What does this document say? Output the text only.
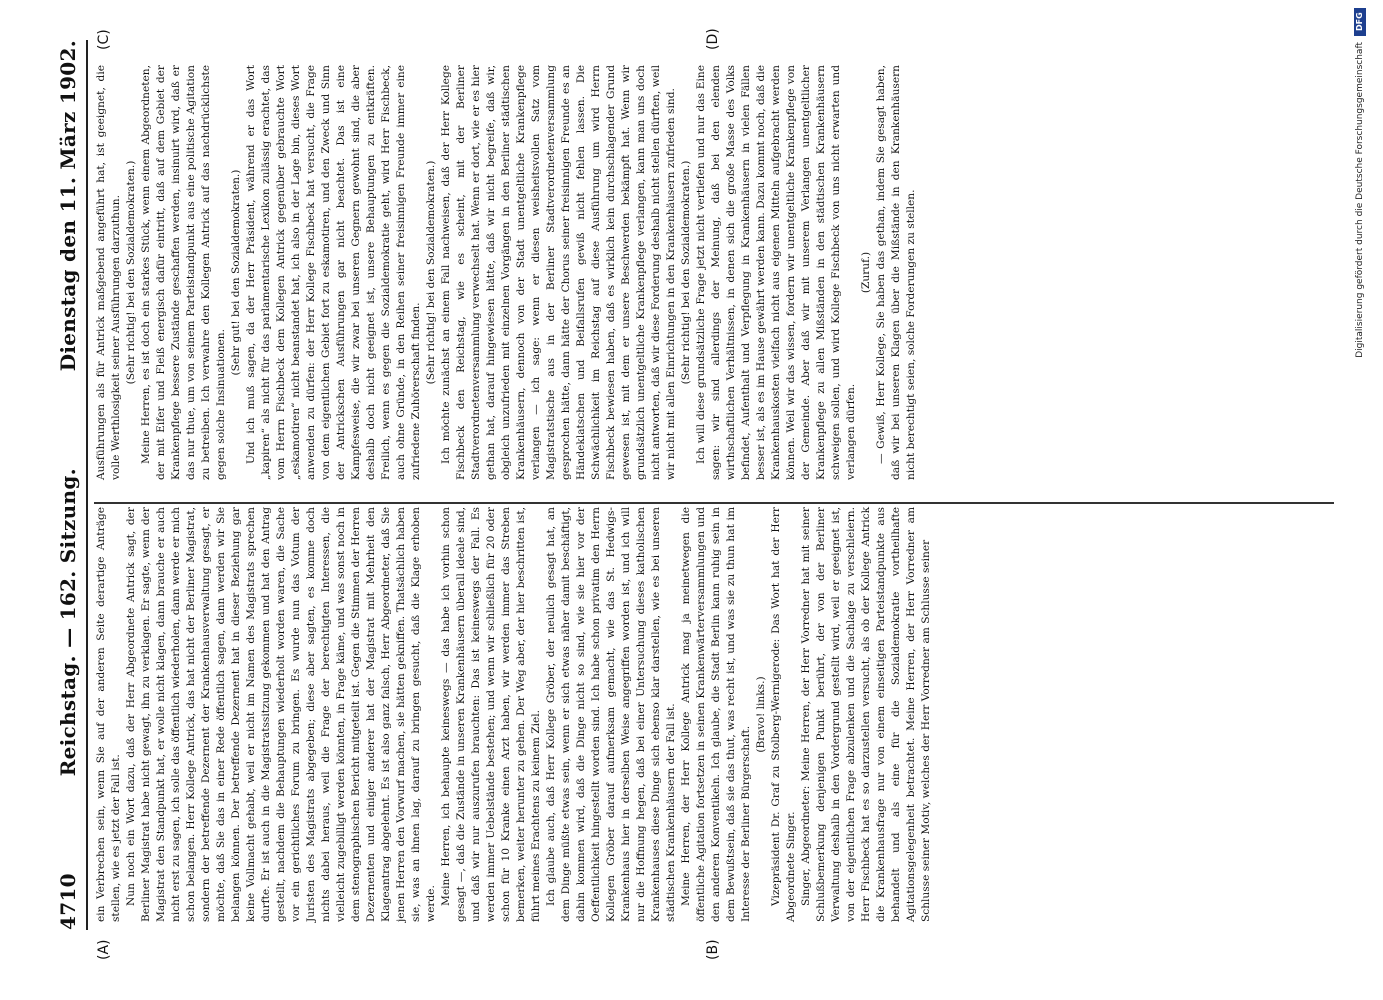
4710
Reichstag. — 162. Sitzung.
Dienstag den 11. März 1902.
(A)	(B)
(C)	(D)

ein Verbrechen sein, wenn Sie auf der anderen Seite derartige Anträge stellen, wie es jetzt der Fall ist. Nun noch ein Wort dazu, daß der Herr Abgeordnete Antrick sagt, der Berliner Magistrat habe nicht gewagt, ihn zu verklagen. Er sagte, wenn der Magistrat den Standpunkt hat, er wolle nicht klagen, dann brauche er auch nicht erst zu sagen, ich solle das öffentlich wiederholen, dann werde er mich schon belangen. Herr Kollege Antrick, das hat nicht der Berliner Magistrat, sondern der betreffende Dezernent der Krankenhausverwaltung gesagt, er möchte, daß Sie das in einer Rede öffentlich sagen, dann werden wir Sie belangen können. Der betreffende Dezernent hat in dieser Beziehung gar keine Vollmacht gehabt, weil er nicht im Namen des Magistrats sprechen durfte. Er ist auch in die Magistratssitzung gekommen und hat den Antrag gestellt, nachdem die Behauptungen wiederholt worden waren, die Sache vor ein gerichtliches Forum zu bringen. Es wurde nun das Votum der Juristen des Magistrats abgegeben; diese aber sagten, es komme doch nichts dabei heraus, weil die Frage der berechtigten Interessen, die vielleicht zugebilligt werden könnten, in Frage käme, und was sonst noch in dem stenographischen Bericht mitgeteilt ist. Gegen die Stimmen der Herren Dezernenten und einiger anderer hat der Magistrat mit Mehrheit den Klageantrag abgelehnt. Es ist also ganz falsch, Herr Abgeordneter, daß Sie jenen Herren den Vorwurf machen, sie hätten gekniffen. Thatsächlich haben sie, was an ihnen lag, darauf zu bringen gesucht, daß die Klage erhoben werde. Meine Herren, ich behaupte keineswegs — das habe ich vorhin schon gesagt —, daß die Zustände in unseren Krankenhäusern überall ideale sind, und daß wir nur auszurufen brauchten: Das ist keineswegs der Fall. Es werden immer Uebelstände bestehen; und wenn wir schließlich für 20 oder schon für 10 Kranke einen Arzt haben, wir werden immer das Streben bemerken, weiter herunter zu gehen. Der Weg aber, der hier beschritten ist, führt meines Erachtens zu keinem Ziel. Ich glaube auch, daß Herr Kollege Gröber, der neulich gesagt hat, an dem Dinge müßte etwas sein, wenn er sich etwas näher damit beschäftigt, dahin kommen wird, daß die Dinge nicht so sind, wie sie hier vor der Oeffentlichkeit hingestellt worden sind. Ich habe schon privatim den Herrn Kollegen Gröber darauf aufmerksam gemacht, wie das St. Hedwigs-Krankenhaus hier in derselben Weise angegriffen worden ist, und ich will nur die Hoffnung hegen, daß bei einer Untersuchung dieses katholischen Krankenhauses diese Dinge sich ebenso klar darstellen, wie es bei unseren städtischen Krankenhäusern der Fall ist. Meine Herren, der Herr Kollege Antrick mag ja meinetwegen die öffentliche Agitation fortsetzen in seinen Krankenwärterversammlungen und den anderen Konventikeln. Ich glaube, die Stadt Berlin kann ruhig sein in dem Bewußtsein, daß sie das thut, was recht ist, und was sie zu thun hat im Interesse der Berliner Bürgerschaft.

(Bravo! links.) Vizepräsident Dr. Graf zu Stolberg-Wernigerode: Das Wort hat der Herr Abgeordnete Singer. Singer, Abgeordneter: Meine Herren, der Herr Vorredner hat mit seiner Schlußbemerkung denjenigen Punkt berührt, der von der Berliner Verwaltung deshalb in den Vordergrund gestellt wird, weil er geeignet ist, von der eigentlichen Frage abzulenken und die Sachlage zu verschleiern. Herr Fischbeck hat es so darzustellen versucht, als ob der Kollege Antrick die Krankenhausfrage nur von einem einseitigen Parteistandpunkte aus behandelt und als eine für die Sozialdemokratie vortheilhafte Agitationsgelegenheit betrachtet. Meine Herren, der Herr Vorredner am Schlusse seiner Motiv, welches der Herr Vorredner am Schlusse seiner

Ausführungen als für Antrick maßgebend angeführt hat, ist geeignet, die volle Werthlosigkeit seiner Ausführungen darzuthun. (Sehr richtig! bei den Sozialdemokraten.) Meine Herren, es ist doch ein starkes Stück, wenn einem Abgeordneten, der mit Eifer und Fleiß energisch dafür eintritt, daß auf dem Gebiet der Krankenpflege bessere Zustände geschaffen werden, insinuirt wird, daß er das nur thue, um von seinem Parteistandpunkt aus eine politische Agitation zu betreiben. Ich verwahre den Kollegen Antrick auf das nachdrücklichste gegen solche Insinuationen.

(Sehr gut! bei den Sozialdemokraten.) Und ich muß sagen, da der Herr Präsident, während er das Wort „kapiren“ als nicht für das parlamentarische Lexikon zulässig erachtet, das vom Herrn Fischbeck dem Kollegen Antrick gegenüber gebrauchte Wort „eskamotiren“ nicht beanstandet hat, ich also in der Lage bin, dieses Wort anwenden zu dürfen: der Herr Kollege Fischbeck hat versucht, die Frage von dem eigentlichen Gebiet fort zu eskamotiren, und den Zweck und Sinn der Antrickschen Ausführungen gar nicht beachtet. Das ist eine Kampfesweise, die wir zwar bei unseren Gegnern gewohnt sind, die aber deshalb doch nicht geeignet ist, unsere Behauptungen zu entkräften. Freilich, wenn es gegen die Sozialdemokratie geht, wird Herr Fischbeck, auch ohne Gründe, in den Reihen seiner freisinnigen Freunde immer eine zufriedene Zuhörerschaft finden.

(Sehr richtig! bei den Sozialdemokraten.) Ich möchte zunächst an einem Fall nachweisen, daß der Herr Kollege Fischbeck den Reichstag, wie es scheint, mit der Berliner Stadtverordnetenversammlung verwechselt hat. Wenn er dort, wie er es hier gethan hat, darauf hingewiesen hätte, daß wir nicht begreife, daß wir, obgleich unzufrieden mit einzelnen Vorgängen in den Berliner städtischen Krankenhäusern, dennoch von der Stadt unentgeltliche Krankenpflege verlangen — ich sage: wenn er diesen weisheitsvollen Satz vom Magistratstische aus in der Berliner Stadtverordnetenversammlung gesprochen hätte, dann hätte der Chorus seiner freisinnigen Freunde es an Händeklatschen und Beifallsrufen gewiß nicht fehlen lassen. Die Schwächlichkeit im Reichstag auf diese Ausführung um wird Herrn Fischbeck bewiesen haben, daß es wirklich kein durchschlagender Grund gewesen ist, mit dem er unsere Beschwerden bekämpft hat. Wenn wir grundsätzlich unentgeltliche Krankenpflege verlangen, kann man uns doch nicht antworten, daß wir diese Forderung deshalb nicht stellen dürften, weil wir nicht mit allen Einrichtungen in den Krankenhäusern zufrieden sind. (Sehr richtig! bei den Sozialdemokraten.) Ich will diese grundsätzliche Frage jetzt nicht vertiefen und nur das Eine sagen: wir sind allerdings der Meinung, daß bei den elenden wirthschaftlichen Verhältnissen, in denen sich die große Masse des Volks befindet, Aufenthalt und Verpflegung in Krankenhäusern in vielen Fällen besser ist, als es im Hause gewährt werden kann. Dazu kommt noch, daß die Krankenhauskosten vielfach nicht aus eigenen Mitteln aufgebracht werden können. Weil wir das wissen, fordern wir unentgeltliche Krankenpflege von der Gemeinde. Aber daß wir mit unserem Verlangen unentgeltlicher Krankenpflege zu allen Mißständen in den städtischen Krankenhäusern schweigen sollen, und wird Kollege Fischbeck von uns nicht erwarten und verlangen dürfen.

(Zuruf.) — Gewiß, Herr Kollege, Sie haben das gethan, indem Sie gesagt haben, daß wir bei unseren Klagen über die Mißstände in den Krankenhäusern nicht berechtigt seien, solche Forderungen zu stellen.

DFG
Digitalisierung gefördert durch die Deutsche Forschungsgemeinschaft
